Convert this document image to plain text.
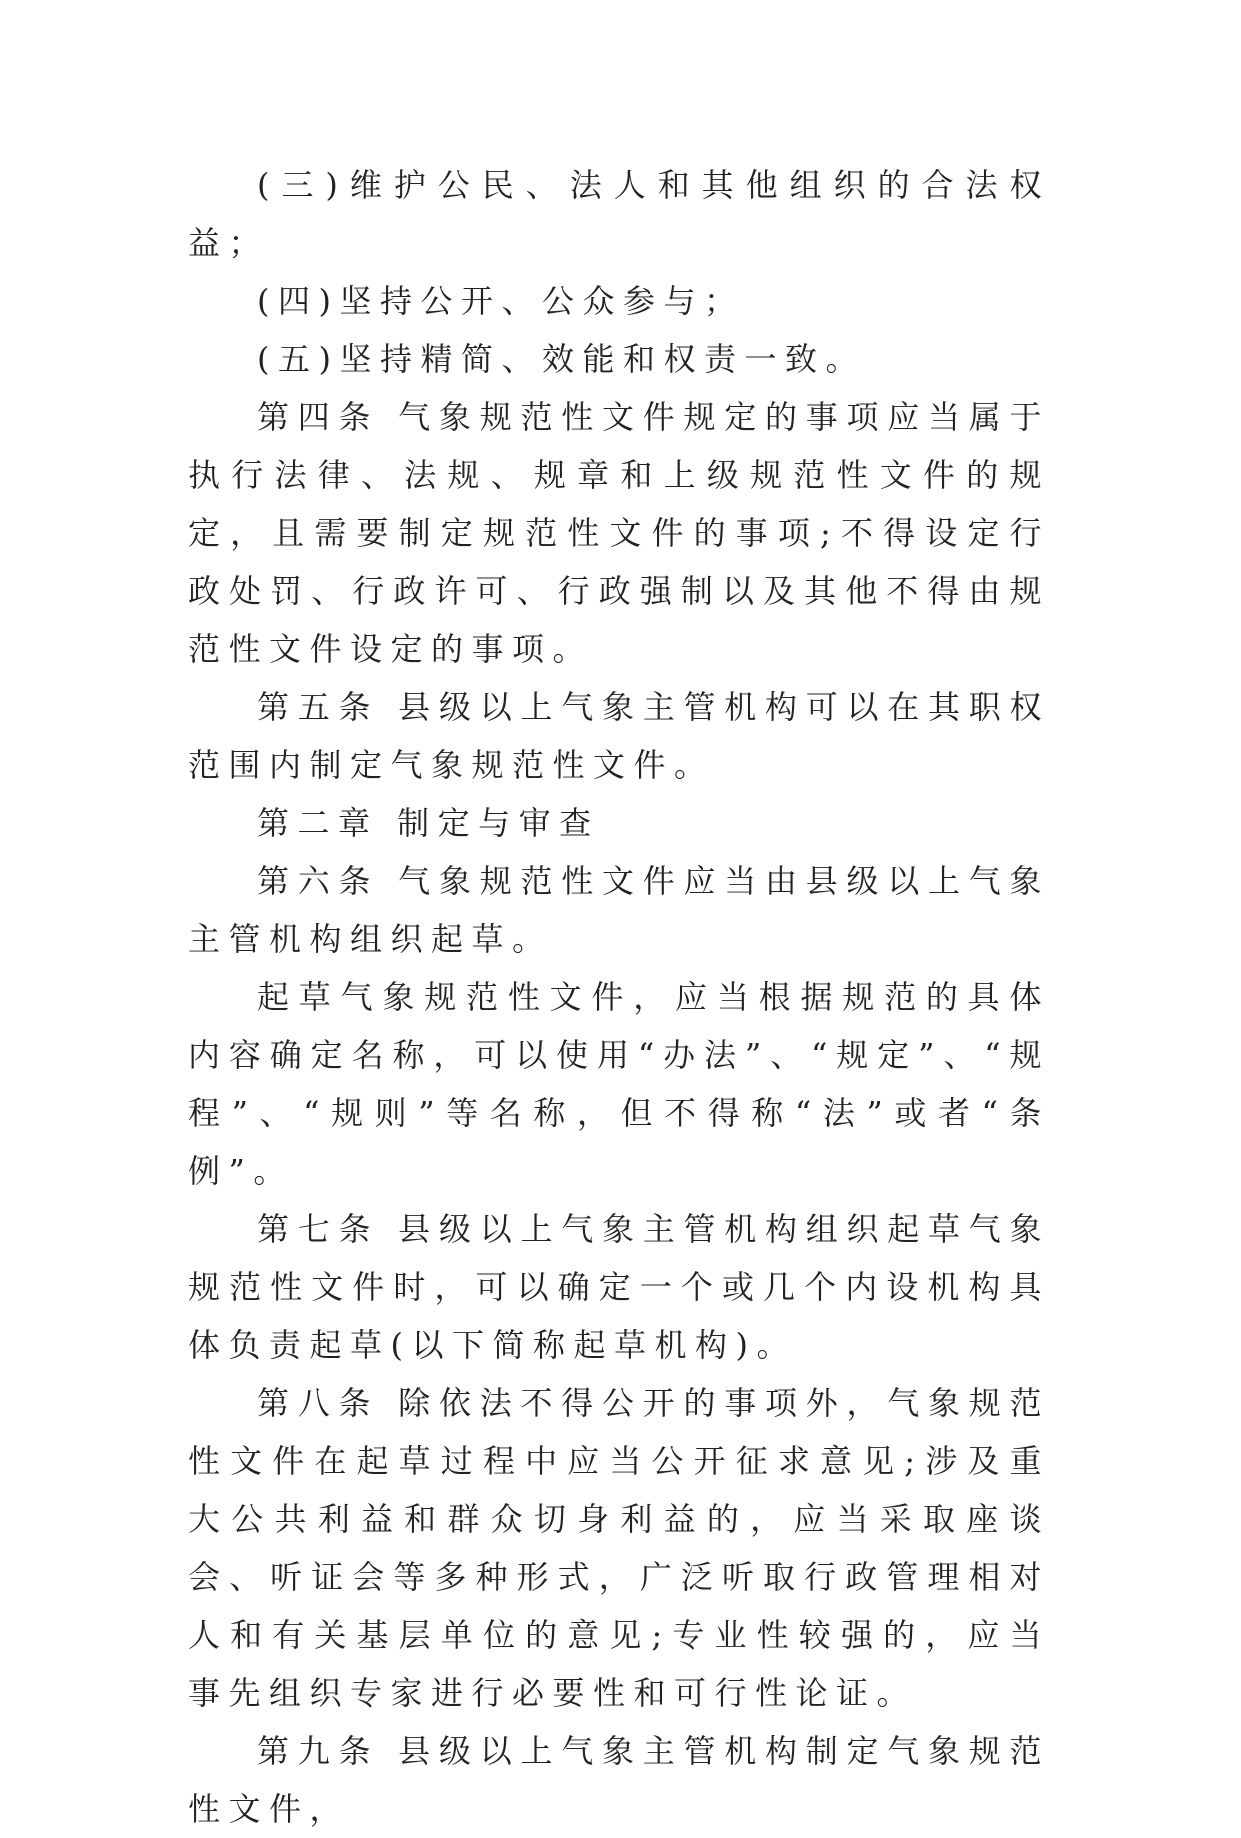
(三)维护公民、法人和其他组织的合法权益；

(四)坚持公开、公众参与；

(五)坚持精简、效能和权责一致。

第四条 气象规范性文件规定的事项应当属于执行法律、法规、规章和上级规范性文件的规定，且需要制定规范性文件的事项;不得设定行政处罚、行政许可、行政强制以及其他不得由规范性文件设定的事项。

第五条 县级以上气象主管机构可以在其职权范围内制定气象规范性文件。

第二章 制定与审查

第六条 气象规范性文件应当由县级以上气象主管机构组织起草。

起草气象规范性文件，应当根据规范的具体内容确定名称，可以使用“办法”、“规定”、“规程”、“规则”等名称，但不得称“法”或者“条例”。

第七条 县级以上气象主管机构组织起草气象规范性文件时，可以确定一个或几个内设机构具体负责起草(以下简称起草机构)。

第八条 除依法不得公开的事项外，气象规范性文件在起草过程中应当公开征求意见;涉及重大公共利益和群众切身利益的，应当采取座谈会、听证会等多种形式，广泛听取行政管理相对人和有关基层单位的意见;专业性较强的，应当事先组织专家进行必要性和可行性论证。

第九条 县级以上气象主管机构制定气象规范性文件，
